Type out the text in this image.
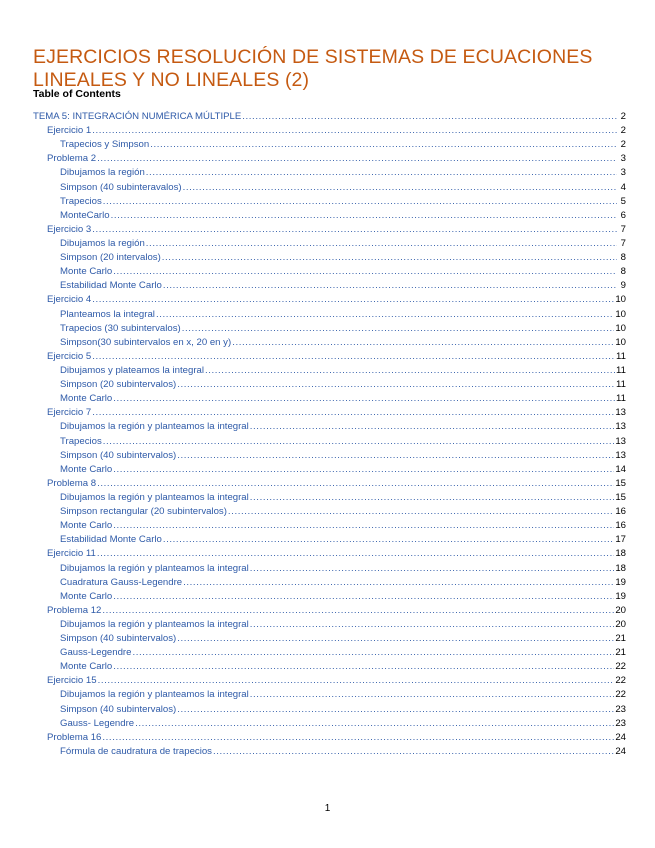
EJERCICIOS RESOLUCIÓN DE SISTEMAS DE ECUACIONES LINEALES Y NO LINEALES (2)
Table of Contents
TEMA 5: INTEGRACIÓN NUMÉRICA MÚLTIPLE .....	2
Ejercicio 1 .....	2
Trapecios y Simpson .....	2
Problema 2 .....	3
Dibujamos la región .....	3
Simpson (40 subinteravalos) .....	4
Trapecios .....	5
MonteCarlo .....	6
Ejercicio 3 .....	7
Dibujamos la región .....	7
Simpson (20 intervalos) .....	8
Monte Carlo .....	8
Estabilidad Monte Carlo .....	9
Ejercicio 4 .....	10
Planteamos la integral .....	10
Trapecios (30 subintervalos) .....	10
Simpson(30 subintervalos en x, 20 en y) .....	10
Ejercicio 5 .....	11
Dibujamos y plateamos la integral .....	11
Simpson (20 subintervalos) .....	11
Monte Carlo .....	11
Ejercicio 7 .....	13
Dibujamos la región y planteamos la integral .....	13
Trapecios .....	13
Simpson (40 subintervalos) .....	13
Monte Carlo .....	14
Problema 8 .....	15
Dibujamos la región y planteamos la integral .....	15
Simpson rectangular (20 subintervalos) .....	16
Monte Carlo .....	16
Estabilidad Monte Carlo .....	17
Ejercicio 11 .....	18
Dibujamos la región y planteamos la integral .....	18
Cuadratura Gauss-Legendre .....	19
Monte Carlo .....	19
Problema 12 .....	20
Dibujamos la región y planteamos la integral .....	20
Simpson (40 subintervalos) .....	21
Gauss-Legendre .....	21
Monte Carlo .....	22
Ejercicio 15 .....	22
Dibujamos la región y planteamos la integral .....	22
Simpson (40 subintervalos) .....	23
Gauss- Legendre .....	23
Problema 16 .....	24
Fórmula de caudratura de trapecios .....	24
1
